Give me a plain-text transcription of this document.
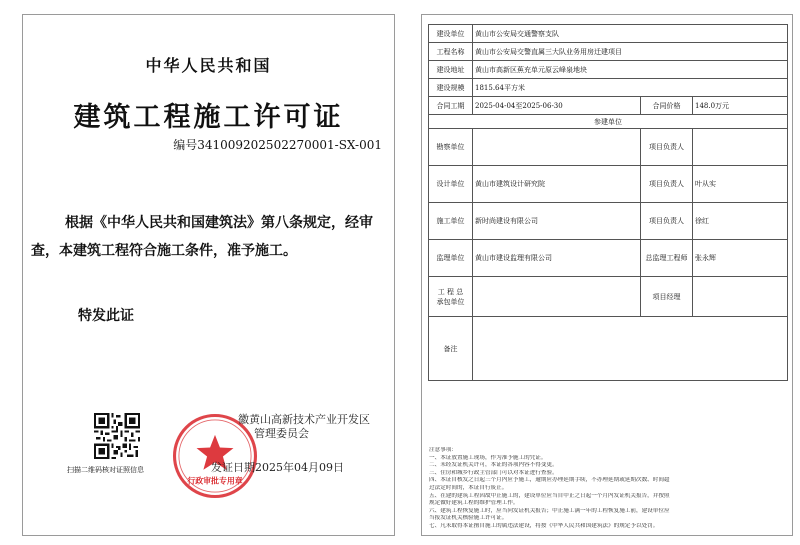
中华人民共和国
建筑工程施工许可证
编号341009202502270001-SX-001
根据《中华人民共和国建筑法》第八条规定，经审
查，本建筑工程符合施工条件，准予施工。
特发此证
扫描二维码核对证照信息
行政审批专用章
徽黄山高新技术产业开发区
管理委员会
发证日期2025年04月09日
建设单位	黄山市公安局交通警察支队		
工程名称	黄山市公安局交警直属三大队业务用房迁建项目		
建设地址	黄山市高新区蕉充单元原云峰泉地块		
建设规模	1815.64平方米		
合同工期	2025-04-04至2025-06-30	合同价格	148.0万元
参建单位			
勘察单位		项目负责人	
设计单位	黄山市建筑设计研究院	项目负责人	叶从实
施工单位	新时尚建设有限公司	项目负责人	徐红
监理单位	黄山市建设监理有限公司	总监理工程师	张永辉
工 程 总
承包单位		项目经理	
备注			
注意事项：
一、本证放置施工现场，作为准予施工的凭证。
二、未经发证机关许可，本证的各项内容不得变更。
三、住房和城乡行政主管部门可以对本证进行查验。
四、本证自核发之日起三个月内应予施工，逾期应办理延期手续，不办理延期或延期次数、时间超
过法定时间的，本证自行废止。
五、在建的建筑工程因故中止施工的，建设单位应当自中止之日起一个月内发证机关报告，并按照
规定做好建筑工程的维护管理工作。
六、建筑工程恢复施工时，应当向发证机关报告；中止施工满一年的工程恢复施工前，建设单位应
当报发证机关核验施工许可证。
七、凡未取得本证擅自施工的属违法建设，将按《中华人民共和国建筑法》的规定予以处罚。
